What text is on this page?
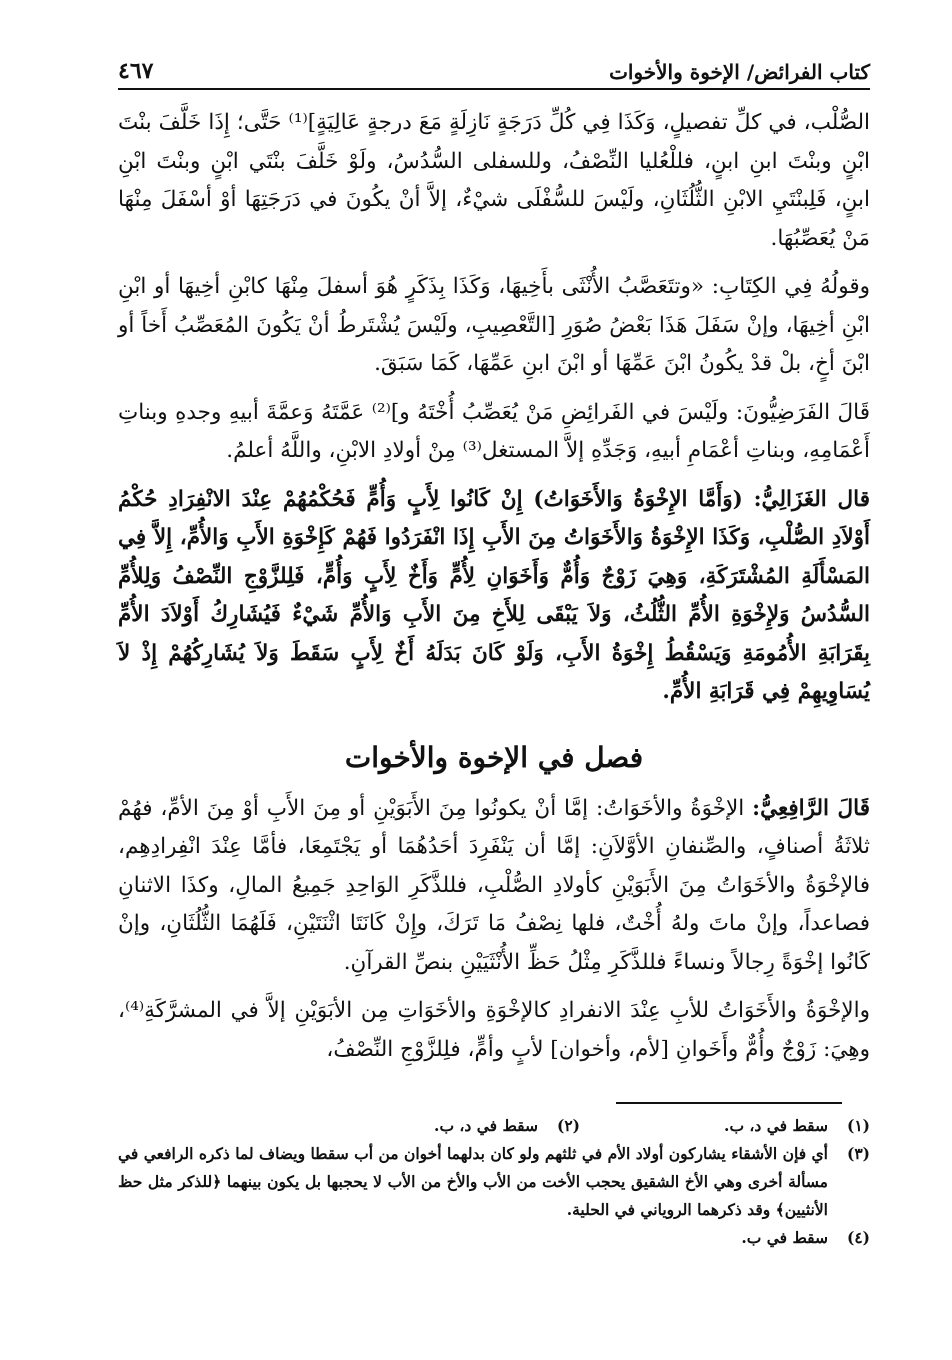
كتاب الفرائض/ الإخوة والأخوات
٤٦٧

الصُّلْب، في كلِّ تفصيلٍ، وَكَذَا فِي كُلِّ دَرَجَةٍ نَازِلَةٍ مَعَ درجةٍ عَالِيَةٍ]⁽¹⁾ حَتَّى؛ إِذَا خَلَّفَ بنْتَ ابْنٍ وبنْتَ ابنِ ابنٍ، فللْعُليا النِّصْفُ، وللسفلى السُّدُسُ، ولَوْ خَلَّفَ بنْتَي ابْنٍ وبنْتَ ابْنِ ابنٍ، فَلِبنْتَيِ الابْنِ الثُّلُثَانِ، ولَيْسَ للسُّفْلَى شيْءٌ، إلاَّ أنْ يكُونَ في دَرَجَتِهَا أوْ أسْفَلَ مِنْهَا مَنْ يُعَصِّبُهَا.

وقولُهُ فِي الكِتَابِ: «وتتَعَصَّبُ الأُنْثَى بأَخِيهَا، وَكَذَا بِذَكَرٍ هُوَ أسفلَ مِنْهَا كابْنِ أخِيهَا أو ابْنِ ابْنِ أخِيهَا، وإنْ سَفَلَ هَذَا بَعْضُ صُوَرِ [التَّعْصِيبِ، ولَيْسَ يُشْتَرطُ أنْ يَكُونَ المُعَصِّبُ أَخاً أو ابْنَ أخٍ، بلْ قدْ يكُونُ ابْنَ عَمِّهَا أو ابْنَ ابنِ عَمِّهَا، كَمَا سَبَقَ.

قَالَ الفَرَضِيُّونَ: ولَيْسَ في الفَرائِضِ مَنْ يُعَصِّبُ أُخْتَهُ و]⁽²⁾ عَمَّتَهُ وَعمَّةَ أبيهِ وجدهِ وبناتِ أَعْمَامِهِ، وبناتِ أعْمَامِ أبيهِ، وَجَدِّهِ إلاَّ المستغل⁽³⁾ مِنْ أولادِ الابْنِ، واللَّهُ أعلمُ.

قال الغَزَالِيُّ: (وَأَمَّا الإِخْوَةُ وَالأَخَوَاتُ) إِنْ كَانُوا لِأَبٍ وَأُمٍّ فَحُكْمُهُمْ عِنْدَ الانْفِرَادِ حُكْمُ أَوْلاَدِ الصُّلْبِ، وَكَذَا الإِخْوَةُ وَالأَخَوَاتُ مِنَ الأَبِ إِذَا انْفَرَدُوا فَهُمْ كَإِخْوَةِ الأَبِ وَالأُمِّ، إِلاَّ فِي المَسْأَلَةِ المُشْتَرَكَةِ، وَهِيَ زَوْجٌ وَأُمٌّ وَأَخَوَانِ لِأُمٍّ وَأَخٌ لِأَبٍ وَأُمٍّ، فَلِلزَّوْجِ النِّصْفُ وَلِلأُمِّ السُّدُسُ وَلإِخْوَةِ الأُمِّ الثُّلُثُ، وَلاَ يَبْقَى لِلأَخِ مِنَ الأَبِ وَالأُمِّ شَيْءٌ فَيُشَارِكُ أَوْلاَدَ الأُمِّ بِقَرَابَةِ الأُمُومَةِ وَيَسْقُطُ إِخْوَةُ الأَبِ، وَلَوْ كَانَ بَدَلَهُ أَخٌ لِأَبٍ سَقَطَ وَلاَ يُشَارِكُهُمْ إِذْ لاَ يُسَاوِيهِمْ فِي قَرَابَةِ الأُمِّ.

فصل في الإخوة والأخوات

قَالَ الرَّافِعِيُّ: الإخْوَةُ والأخَوَاتُ: إمَّا أنْ يكونُوا مِنَ الأَبَوَيْنِ أو مِنَ الأَبِ أوْ مِنَ الأمِّ، فهُمْ ثلاثَةُ أصنافٍ، والصِّنفانِ الأوَّلاَنِ: إمَّا أن يَنْفَرِدَ أحَدُهُمَا أو يَجْتَمِعَا، فأمَّا عِنْدَ انْفِرادِهِم، فالإخْوَةُ والأخَوَاتُ مِنَ الأَبَوَيْنِ كأولادِ الصُّلْبِ، فللذَّكَرِ الوَاحِدِ جَمِيعُ المالِ، وكذَا الاثنانِ فصاعداً، وإنْ ماتَ ولهُ أُخْتٌ، فلها نِصْفُ مَا تَرَكَ، وإِنْ كَانَتَا اثْنَتَيْنِ، فَلَهُمَا الثُّلُثَانِ، وإنْ كَانُوا إخْوَةً رِجالاً ونساءً فللذَّكَرِ مِثْلُ حَظِّ الأُنْثَيَيْنِ بنصِّ القرآنِ.

والإخْوَةُ والأَخَوَاتُ للأبِ عِنْدَ الانفرادِ كالإخْوَةِ والأخَوَاتِ مِن الأبَوَيْنِ إلاَّ في المشرَّكَةِ⁽⁴⁾، وهِيَ: زَوْجٌ وأُمٌّ وأَخَوانِ [لأم، وأخوان] لأبٍ وأمٍّ، فلِلزَّوْجِ النِّصْفُ،

(١)
سقط في د، ب.
(٢)
سقط في د، ب.
(٣)
أي فإن الأشقاء يشاركون أولاد الأم في ثلثهم ولو كان بدلهما أخوان من أب سقطا ويضاف لما ذكره الرافعي في مسألة أخرى وهي الأخ الشقيق يحجب الأخت من الأب والأخ من الأب لا يحجبها بل يكون بينهما ﴿للذكر مثل حظ الأنثيين﴾ وقد ذكرهما الروياني في الحلية.
(٤)
سقط في ب.
